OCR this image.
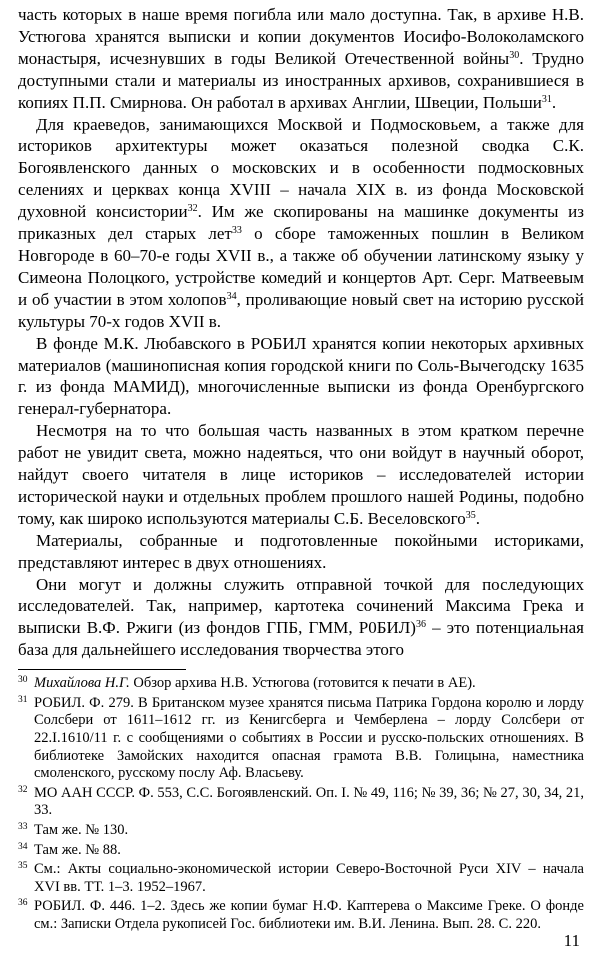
часть которых в наше время погибла или мало доступна. Так, в архиве Н.В. Устюгова хранятся выписки и копии документов Иосифо-Волоколамского монастыря, исчезнувших в годы Великой Отечественной войны$^{30}$. Трудно доступными стали и материалы из иностранных архивов, сохранившиеся в копиях П.П. Смирнова. Он работал в архивах Англии, Швеции, Польши$^{31}$.

Для краеведов, занимающихся Москвой и Подмосковьем, а также для историков архитектуры может оказаться полезной сводка С.К. Богоявленского данных о московских и в особенности подмосковных селениях и церквах конца XVIII – начала XIX в. из фонда Московской духовной консистории$^{32}$. Им же скопированы на машинке документы из приказных дел старых лет$^{33}$ о сборе таможенных пошлин в Великом Новгороде в 60–70-е годы XVII в., а также об обучении латинскому языку у Симеона Полоцкого, устройстве комедий и концертов Арт. Серг. Матвеевым и об участии в этом холопов$^{34}$, проливающие новый свет на историю русской культуры 70-х годов XVII в.

В фонде М.К. Любавского в РОБИЛ хранятся копии некоторых архивных материалов (машинописная копия городской книги по Соль-Вычегодску 1635 г. из фонда МАМИД), многочисленные выписки из фонда Оренбургского генерал-губернатора.

Несмотря на то что большая часть названных в этом кратком перечне работ не увидит света, можно надеяться, что они войдут в научный оборот, найдут своего читателя в лице историков – исследователей истории исторической науки и отдельных проблем прошлого нашей Родины, подобно тому, как широко используются материалы С.Б. Веселовского$^{35}$.

Материалы, собранные и подготовленные покойными историками, представляют интерес в двух отношениях.

Они могут и должны служить отправной точкой для последующих исследователей. Так, например, картотека сочинений Максима Грека и выписки В.Ф. Ржиги (из фондов ГПБ, ГММ, Р0БИЛ)$^{36}$ – это потенциальная база для дальнейшего исследования творчества этого

30 Михайлова Н.Г. Обзор архива Н.В. Устюгова (готовится к печати в АЕ).
31 РОБИЛ. Ф. 279. В Британском музее хранятся письма Патрика Гордона королю и лорду Солсбери от 1611–1612 гг. из Кенигсберга и Чемберлена – лорду Солсбери от 22.I.1610/11 г. с сообщениями о событиях в России и русско-польских отношениях. В библиотеке Замойских находится опасная грамота В.В. Голицына, наместника смоленского, русскому послу Аф. Власьеву.
32 МО ААН СССР. Ф. 553, С.С. Богоявленский. Оп. I. № 49, 116; № 39, 36; № 27, 30, 34, 21, 33.
33 Там же. № 130.
34 Там же. № 88.
35 См.: Акты социально-экономической истории Северо-Восточной Руси XIV – начала XVI вв. ТТ. 1–3. 1952–1967.
36 РОБИЛ. Ф. 446. 1–2. Здесь же копии бумаг Н.Ф. Каптерева о Максиме Греке. О фонде см.: Записки Отдела рукописей Гос. библиотеки им. В.И. Ленина. Вып. 28. С. 220.
11
